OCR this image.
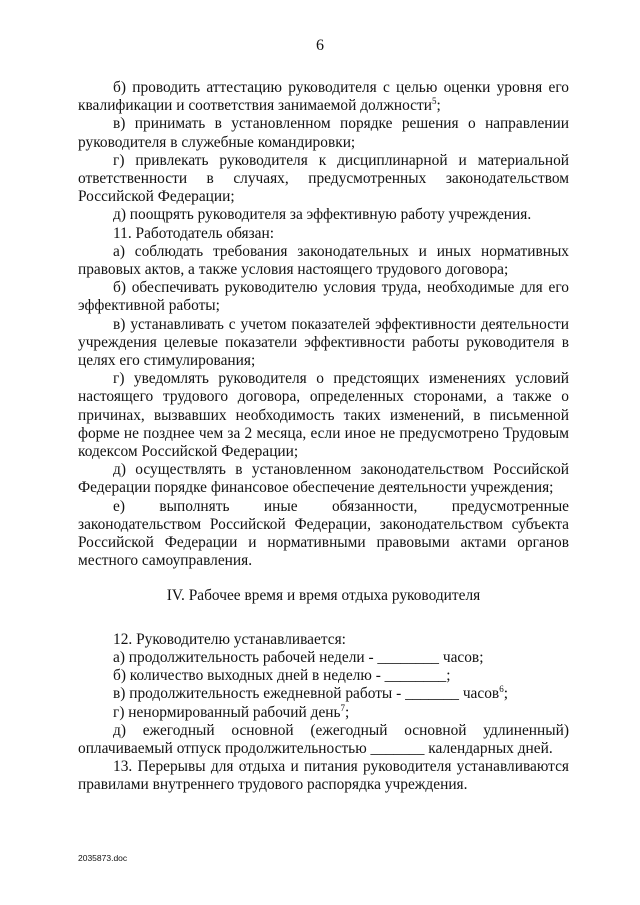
6

б) проводить аттестацию руководителя с целью оценки уровня его квалификации и соответствия занимаемой должности$^5$;

в) принимать в установленном порядке решения о направлении руководителя в служебные командировки;

г) привлекать руководителя к дисциплинарной и материальной ответственности в случаях, предусмотренных законодательством Российской Федерации;

д) поощрять руководителя за эффективную работу учреждения.

11. Работодатель обязан:

а) соблюдать требования законодательных и иных нормативных правовых актов, а также условия настоящего трудового договора;

б) обеспечивать руководителю условия труда, необходимые для его эффективной работы;

в) устанавливать с учетом показателей эффективности деятельности учреждения целевые показатели эффективности работы руководителя в целях его стимулирования;

г) уведомлять руководителя о предстоящих изменениях условий настоящего трудового договора, определенных сторонами, а также о причинах, вызвавших необходимость таких изменений, в письменной форме не позднее чем за 2 месяца, если иное не предусмотрено Трудовым кодексом Российской Федерации;

д) осуществлять в установленном законодательством Российской Федерации порядке финансовое обеспечение деятельности учреждения;

е) выполнять иные обязанности, предусмотренные законодательством Российской Федерации, законодательством субъекта Российской Федерации и нормативными правовыми актами органов местного самоуправления.

IV. Рабочее время и время отдыха руководителя

12. Руководителю устанавливается:

а) продолжительность рабочей недели - ________ часов;

б) количество выходных дней в неделю - ________;

в) продолжительность ежедневной работы - _______ часов$^6$;

г) ненормированный рабочий день$^7$;

д) ежегодный основной (ежегодный основной удлиненный) оплачиваемый отпуск продолжительностью _______ календарных дней.

13. Перерывы для отдыха и питания руководителя устанавливаются правилами внутреннего трудового распорядка учреждения.

2035873.doc
